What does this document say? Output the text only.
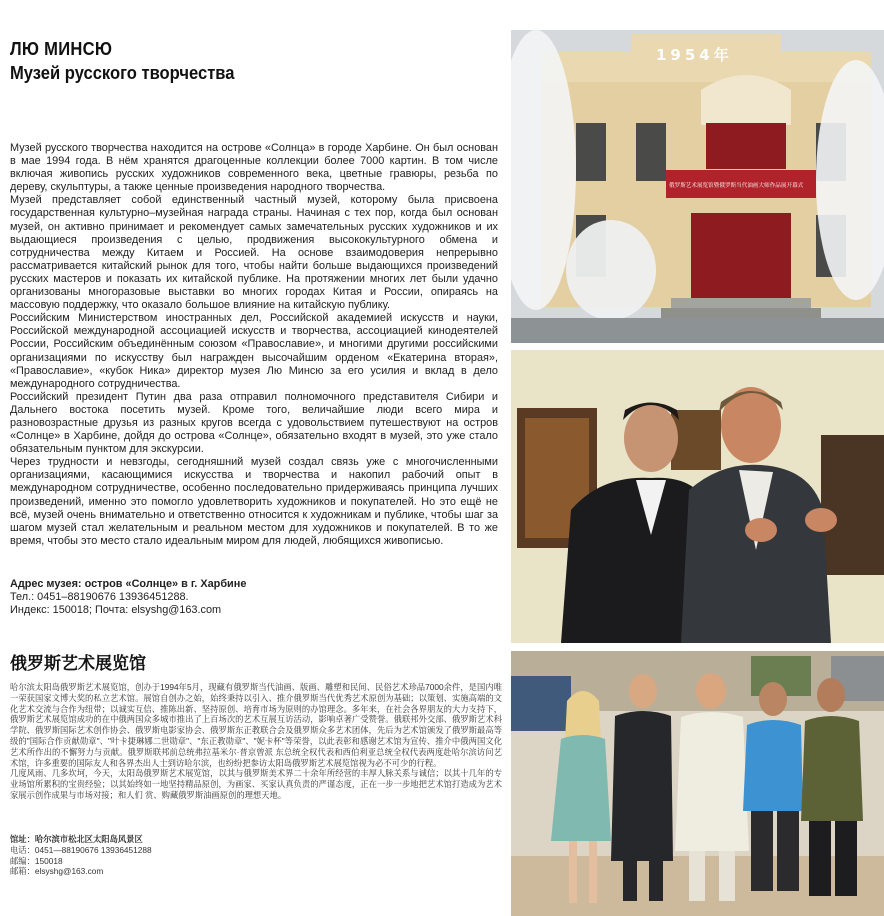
ЛЮ МИНСЮ
Музей русского творчества

Музей русского творчества находится на острове «Солнца» в городе Харбине. Он был основан в мае 1994 года. В нём хранятся драгоценные коллекции более 7000 картин. В том числе включая живопись русских художников современного века, цветные гравюры, резьба по дереву, скульптуры, а также ценные произведения народного творчества.

Музей представляет собой единственный частный музей, которому была присвоена государственная культурно–музейная награда страны. Начиная с тех пор, когда был основан музей, он активно принимает и рекомендует самых замечательных русских художников и их выдающиеся произведения с целью, продвижения высококультурного обмена и сотрудничества между Китаем и Россией. На основе взаимодоверия непрерывно рассматривается китайский рынок для того, чтобы найти больше выдающихся произведений русских мастеров и показать их китайской публике. На протяжении многих лет были удачно организованы многоразовые выставки во многих городах Китая и России, опираясь на массовую поддержку, что оказало большое влияние на китайскую публику.

Российским Министерством иностранных дел, Российской академией искусств и науки, Российской международной ассоциацией искусств и творчества, ассоциацией кинодеятелей России, Российским объединённым союзом «Православие», и многими другими российскими организациями по искусству был награжден высочайшим орденом «Екатерина вторая», «Православие», «кубок Ника» директор музея Лю Минсю за его усилия и вклад в дело международного сотрудничества.

Российский президент Путин два раза отправил полномочного представителя Сибири и Дальнего востока посетить музей. Кроме того, величайшие люди всего мира и разновозрастные друзья из разных кругов всегда с удовольствием путешествуют на остров «Солнце» в Харбине, дойдя до острова «Солнце», обязательно входят в музей, это уже стало обязательным пунктом для экскурсии.

Через трудности и невзгоды, сегодняшний музей создал связь уже с многочисленными организациями, касающимися искусства и творчества и накопил рабочий опыт в международном сотрудничестве, особенно последовательно придерживаясь принципа лучших произведений, именно это помогло удовлетворить художников и покупателей. Но это ещё не всё, музей очень внимательно и ответственно относится к художникам и публике, чтобы шаг за шагом музей стал желательным и реальном местом для художников и покупателей. В то же время, чтобы это место стало идеальным миром для людей, любящихся живописью.

Адрес музея: остров «Солнце» в г. Харбине
Тел.: 0451–88190676 13936451288.
Индекс: 150018; Почта: elsyshg@163.com
俄罗斯艺术展览馆

哈尔滨太阳岛俄罗斯艺术展览馆，创办于1994年5月，现藏有俄罗斯当代油画、版画、雕塑和民间、民俗艺术珍品7000余件，是国内唯一荣获国家文博大奖的私立艺术馆。展馆自创办之始，始终秉持以引入、推介俄罗斯当代优秀艺术原创为基础；以策划、实施高端的文化艺术交流与合作为纽带；以诚实互信、推陈出新、坚持原创、培育市场为原则的办馆理念。多年来，在社会各界朋友的大力支持下，俄罗斯艺术展览馆成功的在中俄两国众多城市推出了上百场次的艺术互展互访活动，影响卓著广受赞誉。俄联邦外交部、俄罗斯艺术科学院、俄罗斯国际艺术创作协会、俄罗斯电影家协会、俄罗斯东正教联合会及俄罗斯众多艺术团体，先后为艺术馆颁发了俄罗斯最高等级的"国际合作贡献勋章"、"叶卡捷琳娜二世勋章"、"东正教勋章"、"妮卡杯"等荣誉，以此表彰和感谢艺术馆为宣传、推介中俄两国文化艺术所作出的不懈努力与贡献。俄罗斯联邦前总统弗拉基米尔·普京曾派 东总统全权代表和西伯利亚总统全权代表两度赴哈尔滨访问艺术馆，许多重要的国际友人和各界杰出人士到访哈尔滨，也纷纷把参访太阳岛俄罗斯艺术展览馆视为必不可少的行程。

几度风雨、几多坎坷，今天，太阳岛俄罗斯艺术展览馆，以其与俄罗斯美术界二十余年所经营的丰厚人脉关系与诚信；以其十几年的专业场馆所累积的宝贵经验；以其始终如一地坚持精品原创，为画家、买家认真负责的严谨态度，正在一步一步地把艺术馆打造成为艺术家展示创作成果与市场对接；和人们 赏、购藏俄罗斯油画原创的理想天地。

馆址：哈尔滨市松北区太阳岛风景区
电话：0451—88190676 13936451288
邮编：150018
邮箱：elsyshg@163.com
1954年
俄罗斯艺术展览馆暨俄罗斯当代油画大师作品展开幕式
